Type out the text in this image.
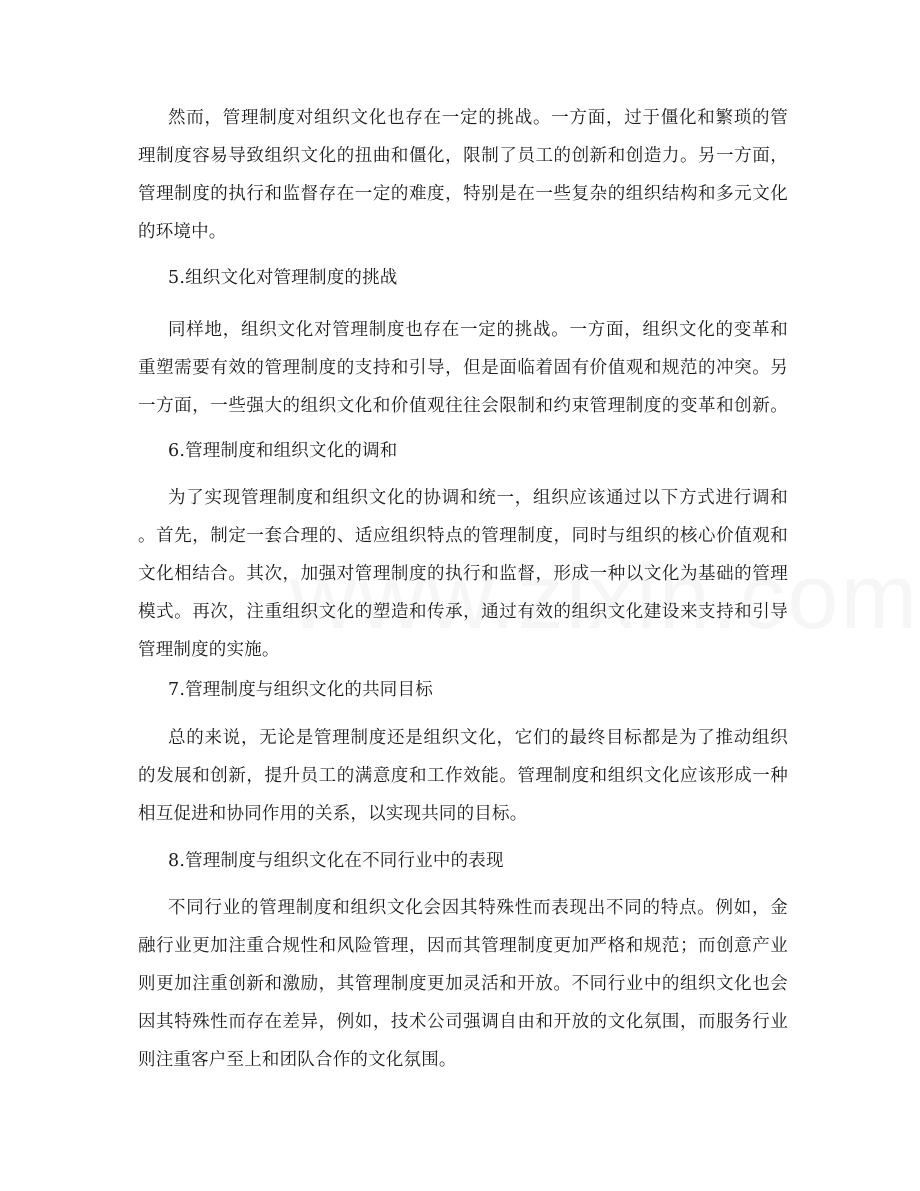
然而，管理制度对组织文化也存在一定的挑战。一方面，过于僵化和繁琐的管
理制度容易导致组织文化的扭曲和僵化，限制了员工的创新和创造力。另一方面，
管理制度的执行和监督存在一定的难度，特别是在一些复杂的组织结构和多元文化
的环境中。
5.组织文化对管理制度的挑战
同样地，组织文化对管理制度也存在一定的挑战。一方面，组织文化的变革和
重塑需要有效的管理制度的支持和引导，但是面临着固有价值观和规范的冲突。另
一方面，一些强大的组织文化和价值观往往会限制和约束管理制度的变革和创新。
6.管理制度和组织文化的调和
为了实现管理制度和组织文化的协调和统一，组织应该通过以下方式进行调和
。首先，制定一套合理的、适应组织特点的管理制度，同时与组织的核心价值观和
文化相结合。其次，加强对管理制度的执行和监督，形成一种以文化为基础的管理
模式。再次，注重组织文化的塑造和传承，通过有效的组织文化建设来支持和引导
管理制度的实施。
7.管理制度与组织文化的共同目标
总的来说，无论是管理制度还是组织文化，它们的最终目标都是为了推动组织
的发展和创新，提升员工的满意度和工作效能。管理制度和组织文化应该形成一种
相互促进和协同作用的关系，以实现共同的目标。
8.管理制度与组织文化在不同行业中的表现
不同行业的管理制度和组织文化会因其特殊性而表现出不同的特点。例如，金
融行业更加注重合规性和风险管理，因而其管理制度更加严格和规范；而创意产业
则更加注重创新和激励，其管理制度更加灵活和开放。不同行业中的组织文化也会
因其特殊性而存在差异，例如，技术公司强调自由和开放的文化氛围，而服务行业
则注重客户至上和团队合作的文化氛围。
